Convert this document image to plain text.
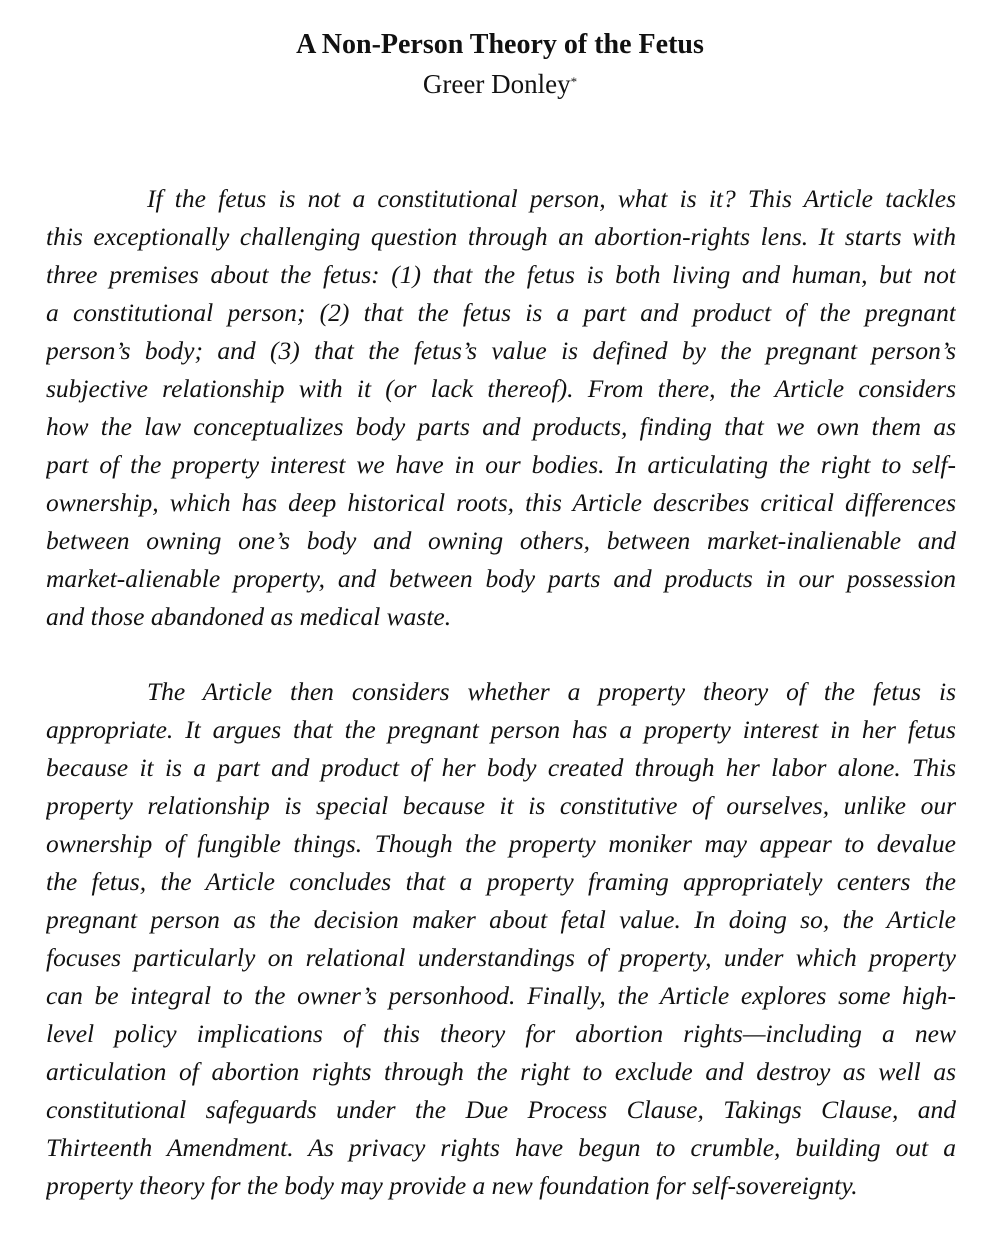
A Non-Person Theory of the Fetus
Greer Donley*
If the fetus is not a constitutional person, what is it? This Article tackles
this exceptionally challenging question through an abortion-rights lens. It starts with
three premises about the fetus: (1) that the fetus is both living and human, but not
a constitutional person; (2) that the fetus is a part and product of the pregnant
person’s body; and (3) that the fetus’s value is defined by the pregnant person’s
subjective relationship with it (or lack thereof). From there, the Article considers
how the law conceptualizes body parts and products, finding that we own them as
part of the property interest we have in our bodies. In articulating the right to self-
ownership, which has deep historical roots, this Article describes critical differences
between owning one’s body and owning others, between market-inalienable and
market-alienable property, and between body parts and products in our possession
and those abandoned as medical waste.
The Article then considers whether a property theory of the fetus is
appropriate. It argues that the pregnant person has a property interest in her fetus
because it is a part and product of her body created through her labor alone. This
property relationship is special because it is constitutive of ourselves, unlike our
ownership of fungible things. Though the property moniker may appear to devalue
the fetus, the Article concludes that a property framing appropriately centers the
pregnant person as the decision maker about fetal value. In doing so, the Article
focuses particularly on relational understandings of property, under which property
can be integral to the owner’s personhood. Finally, the Article explores some high-
level policy implications of this theory for abortion rights—including a new
articulation of abortion rights through the right to exclude and destroy as well as
constitutional safeguards under the Due Process Clause, Takings Clause, and
Thirteenth Amendment. As privacy rights have begun to crumble, building out a
property theory for the body may provide a new foundation for self-sovereignty.
